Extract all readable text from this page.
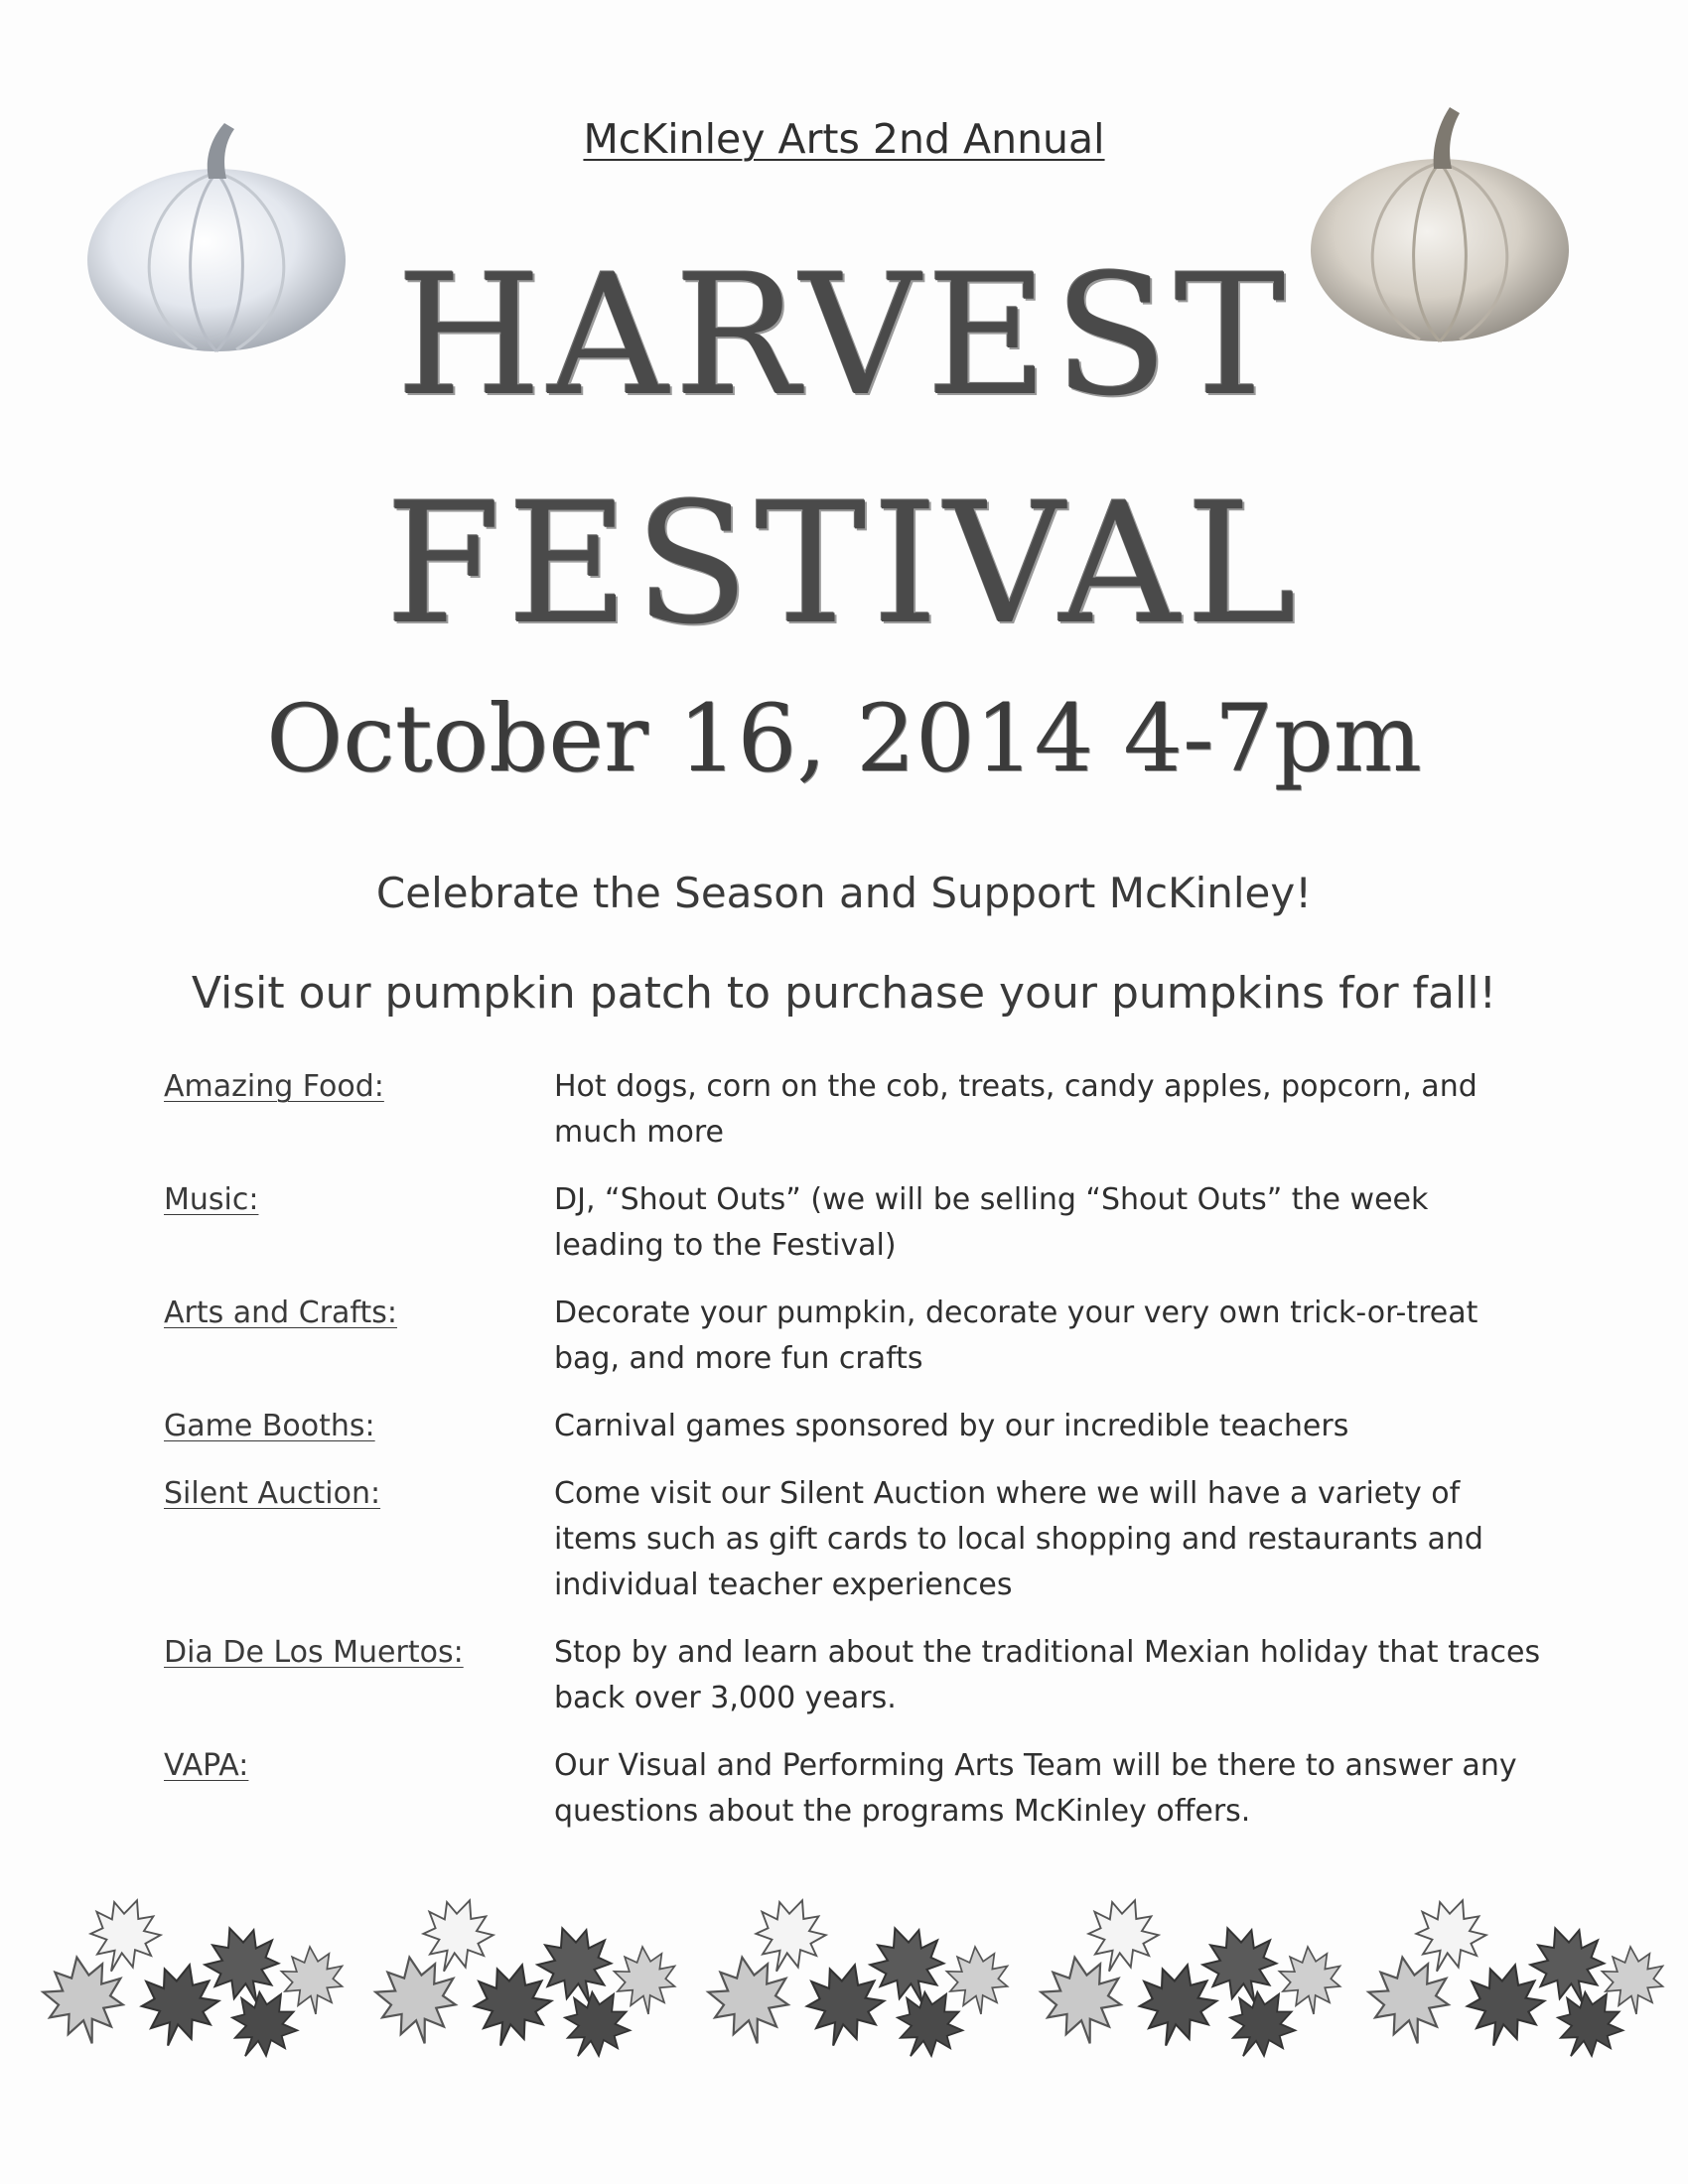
McKinley Arts 2nd Annual
HARVEST
FESTIVAL
October 16, 2014 4-7pm
Celebrate the Season and Support McKinley!
Visit our pumpkin patch to purchase your pumpkins for fall!
Amazing Food:	Hot dogs, corn on the cob, treats, candy apples, popcorn, and much more
Music:	DJ, “Shout Outs” (we will be selling “Shout Outs” the week leading to the Festival)
Arts and Crafts:	Decorate your pumpkin, decorate your very own trick-or-treat bag, and more fun crafts
Game Booths:	Carnival games sponsored by our incredible teachers
Silent Auction:	Come visit our Silent Auction where we will have a variety of items such as gift cards to local shopping and restaurants and individual teacher experiences
Dia De Los Muertos:	Stop by and learn about the traditional Mexian holiday that traces back over 3,000 years.
VAPA:	Our Visual and Performing Arts Team will be there to answer any questions about the programs McKinley offers.
